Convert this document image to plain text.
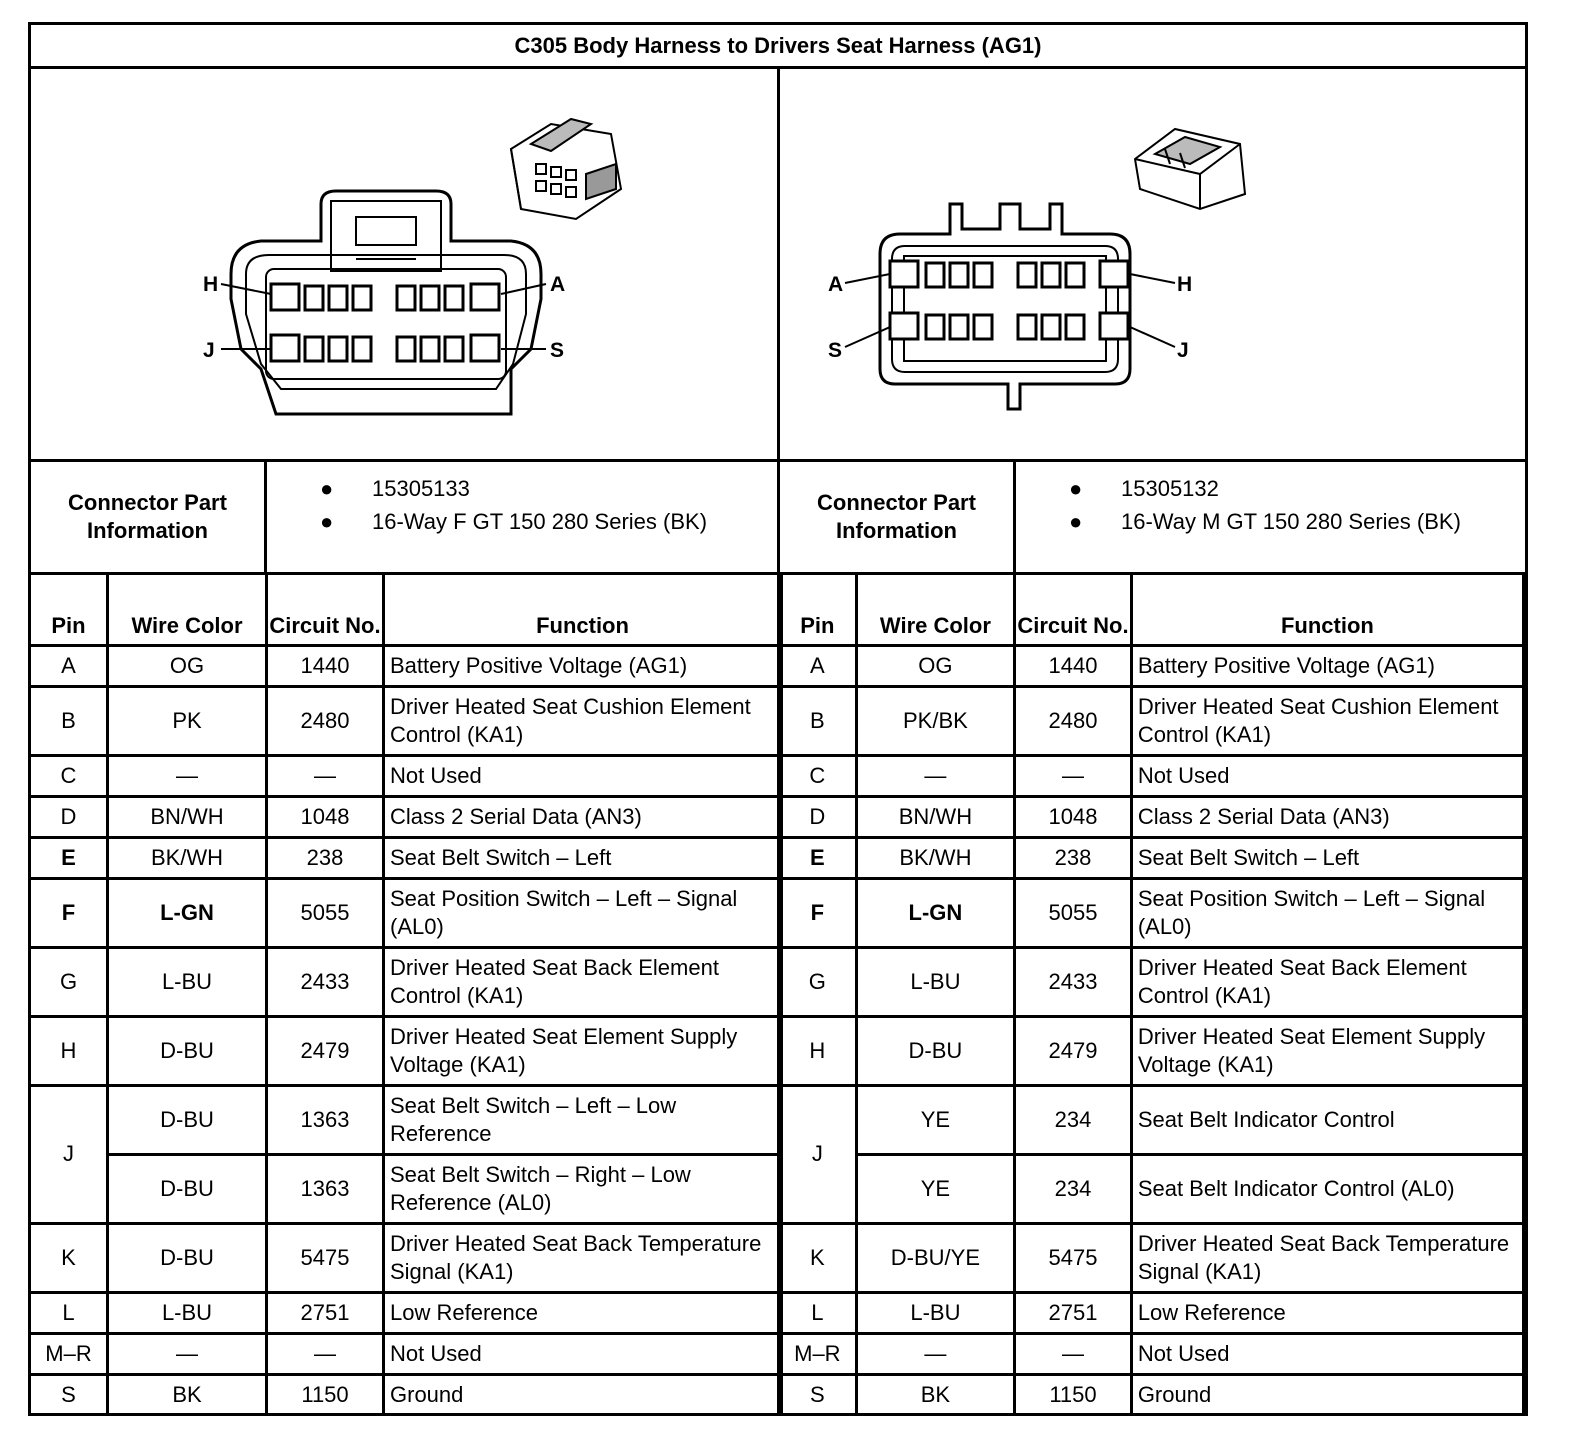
C305 Body Harness to Drivers Seat Harness (AG1)
H	A
J	S
A	H
S	J
Connector Part Information
● 15305133
● 16-Way F GT 150 280 Series (BK)
Connector Part Information
● 15305132
● 16-Way M GT 150 280 Series (BK)
Pin	Wire Color	Circuit No.	Function
A	OG	1440	Battery Positive Voltage (AG1)
B	PK	2480	Driver Heated Seat Cushion Element Control (KA1)
C	—	—	Not Used
D	BN/WH	1048	Class 2 Serial Data (AN3)
E	BK/WH	238	Seat Belt Switch – Left
F	L-GN	5055	Seat Position Switch – Left – Signal (AL0)
G	L-BU	2433	Driver Heated Seat Back Element Control (KA1)
H	D-BU	2479	Driver Heated Seat Element Supply Voltage (KA1)
J	D-BU	1363	Seat Belt Switch – Left – Low Reference
	D-BU	1363	Seat Belt Switch – Right – Low Reference (AL0)
K	D-BU	5475	Driver Heated Seat Back Temperature Signal (KA1)
L	L-BU	2751	Low Reference
M–R	—	—	Not Used
S	BK	1150	Ground
Pin	Wire Color	Circuit No.	Function
A	OG	1440	Battery Positive Voltage (AG1)
B	PK/BK	2480	Driver Heated Seat Cushion Element Control (KA1)
C	—	—	Not Used
D	BN/WH	1048	Class 2 Serial Data (AN3)
E	BK/WH	238	Seat Belt Switch – Left
F	L-GN	5055	Seat Position Switch – Left – Signal (AL0)
G	L-BU	2433	Driver Heated Seat Back Element Control (KA1)
H	D-BU	2479	Driver Heated Seat Element Supply Voltage (KA1)
J	YE	234	Seat Belt Indicator Control
	YE	234	Seat Belt Indicator Control (AL0)
K	D-BU/YE	5475	Driver Heated Seat Back Temperature Signal (KA1)
L	L-BU	2751	Low Reference
M–R	—	—	Not Used
S	BK	1150	Ground
